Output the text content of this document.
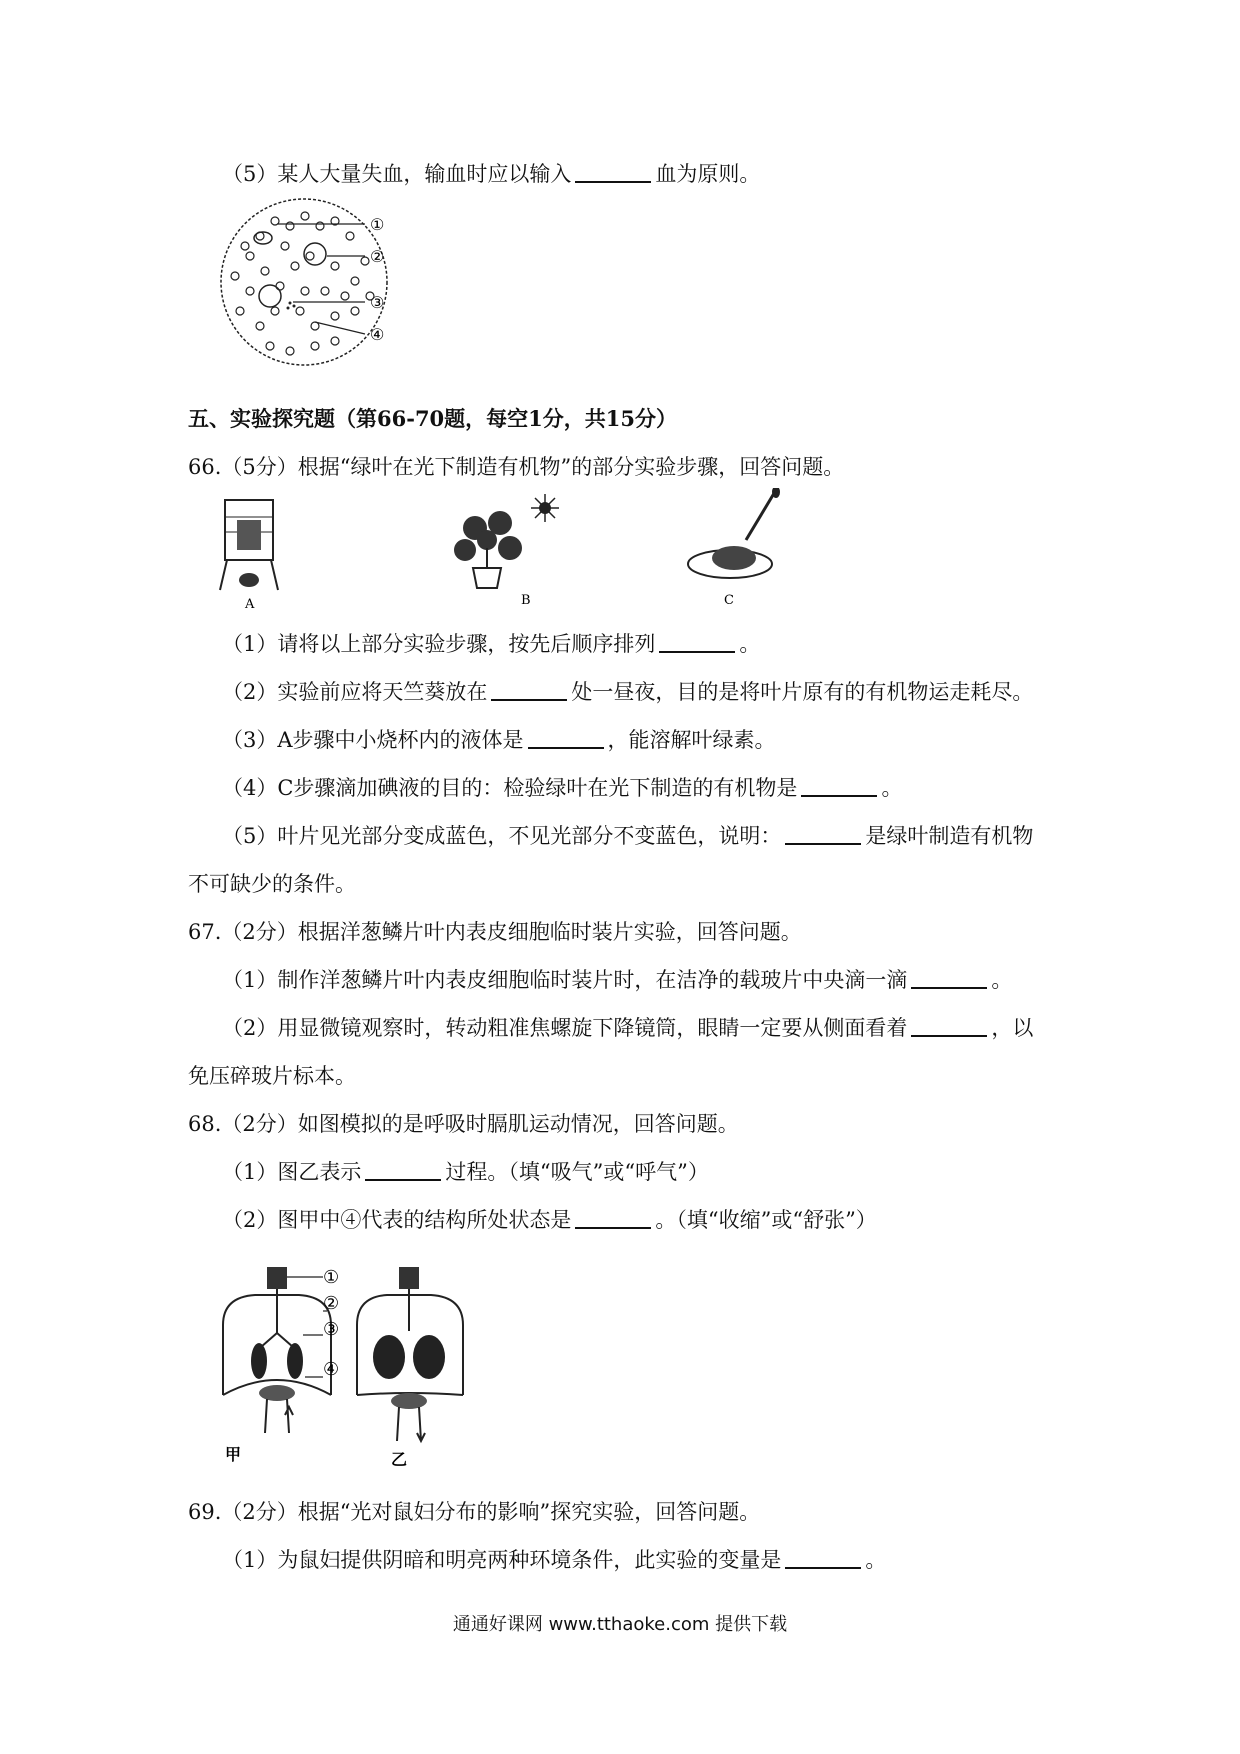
（5）某人大量失血，输血时应以输入	血为原则。
①
②
③
④
五、实验探究题（第66-70题，每空1分，共15分）
66.（5分）根据“绿叶在光下制造有机物”的部分实验步骤，回答问题。
A	B	C
（1）请将以上部分实验步骤，按先后顺序排列	。
（2）实验前应将天竺葵放在	处一昼夜，目的是将叶片原有的有机物运走耗尽。
（3）A步骤中小烧杯内的液体是	，能溶解叶绿素。
（4）C步骤滴加碘液的目的：检验绿叶在光下制造的有机物是	。
（5）叶片见光部分变成蓝色，不见光部分不变蓝色，说明：	是绿叶制造有机物
不可缺少的条件。
67.（2分）根据洋葱鳞片叶内表皮细胞临时装片实验，回答问题。
（1）制作洋葱鳞片叶内表皮细胞临时装片时，在洁净的载玻片中央滴一滴	。
（2）用显微镜观察时，转动粗准焦螺旋下降镜筒，眼睛一定要从侧面看着	，以
免压碎玻片标本。
68.（2分）如图模拟的是呼吸时膈肌运动情况，回答问题。
（1）图乙表示	过程。（填“吸气”或“呼气”）
（2）图甲中④代表的结构所处状态是	。（填“收缩”或“舒张”）
①
②
③
④
甲	乙
69.（2分）根据“光对鼠妇分布的影响”探究实验，回答问题。
（1）为鼠妇提供阴暗和明亮两种环境条件，此实验的变量是	。
通通好课网 www.tthaoke.com 提供下载
